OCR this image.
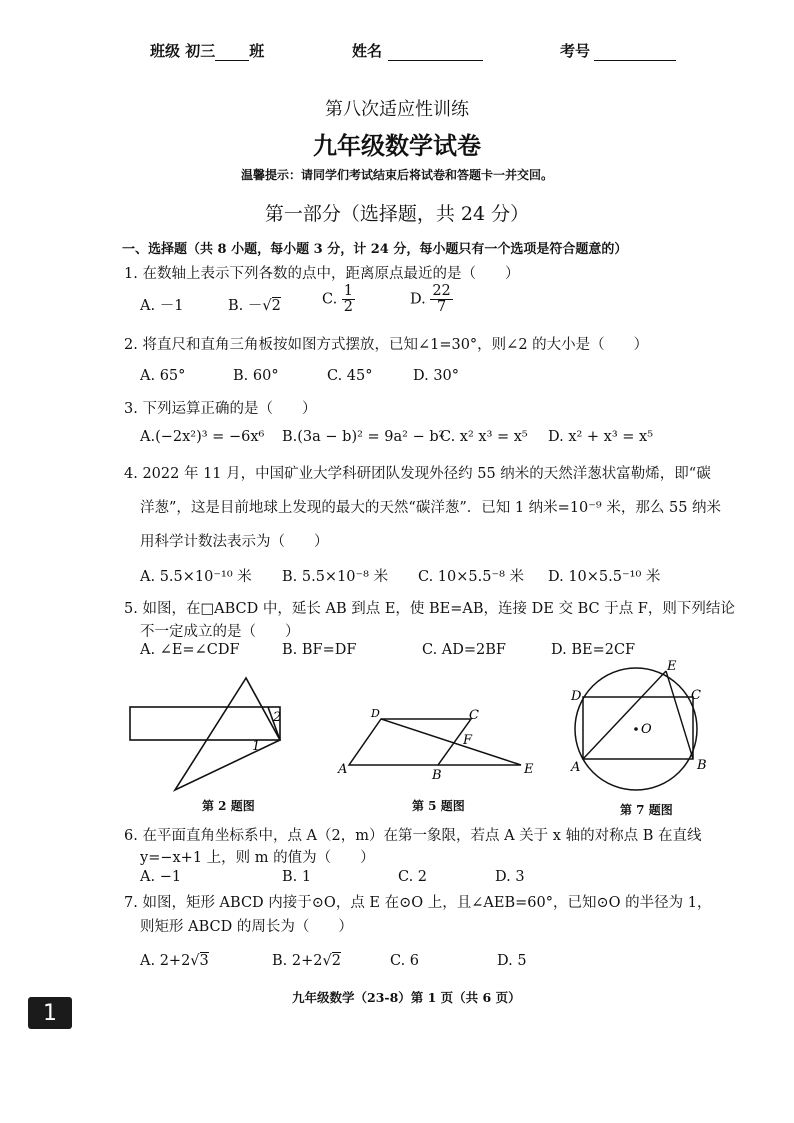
班级 初三 班	姓名	考号
第八次适应性训练
九年级数学试卷
温馨提示：请同学们考试结束后将试卷和答题卡一并交回。
第一部分（选择题，共 24 分）
一、选择题（共 8 小题，每小题 3 分，计 24 分，每小题只有一个选项是符合题意的）
1. 在数轴上表示下列各数的点中，距离原点最近的是（　　）
A. －1	B. －√2	C. $\frac{1}{2}$	D. $\frac{22}{7}$
2. 将直尺和直角三角板按如图方式摆放，已知∠1=30°，则∠2 的大小是（　　）
A. 65°	B. 60°	C. 45°	D. 30°
3. 下列运算正确的是（　　）
A.(−2x²)³ = −6x⁶ B.(3a − b)² = 9a² − b²
C. x² x³ = x⁵ D. x² + x³ = x⁵
4. 2022 年 11 月，中国矿业大学科研团队发现外径约 55 纳米的天然洋葱状富勒烯，即“碳
洋葱”，这是目前地球上发现的最大的天然“碳洋葱”．已知 1 纳米=10⁻⁹ 米，那么 55 纳米
用科学计数法表示为（　　）
A. 5.5×10⁻¹⁰ 米 B. 5.5×10⁻⁸ 米 C. 10×5.5⁻⁸ 米 D. 10×5.5⁻¹⁰ 米
5. 如图，在□ABCD 中，延长 AB 到点 E，使 BE=AB，连接 DE 交 BC 于点 F，则下列结论
不一定成立的是（　　）
A. ∠E=∠CDF	B. BF=DF	C. AD=2BF	D. BE=2CF
2
1
第 2 题图
A	B
C
D
E
F
第 5 题图
A	B
C
D
E
O
第 7 题图
6. 在平面直角坐标系中，点 A（2，m）在第一象限，若点 A 关于 x 轴的对称点 B 在直线
y=−x+1 上，则 m 的值为（　　）
A. −1	B. 1	C. 2	D. 3
7. 如图，矩形 ABCD 内接于⊙O，点 E 在⊙O 上，且∠AEB=60°，已知⊙O 的半径为 1，
则矩形 ABCD 的周长为（　　）
A. 2+2√3	B. 2+2√2	C. 6	D. 5
九年级数学（23-8）第 1 页（共 6 页）
1
